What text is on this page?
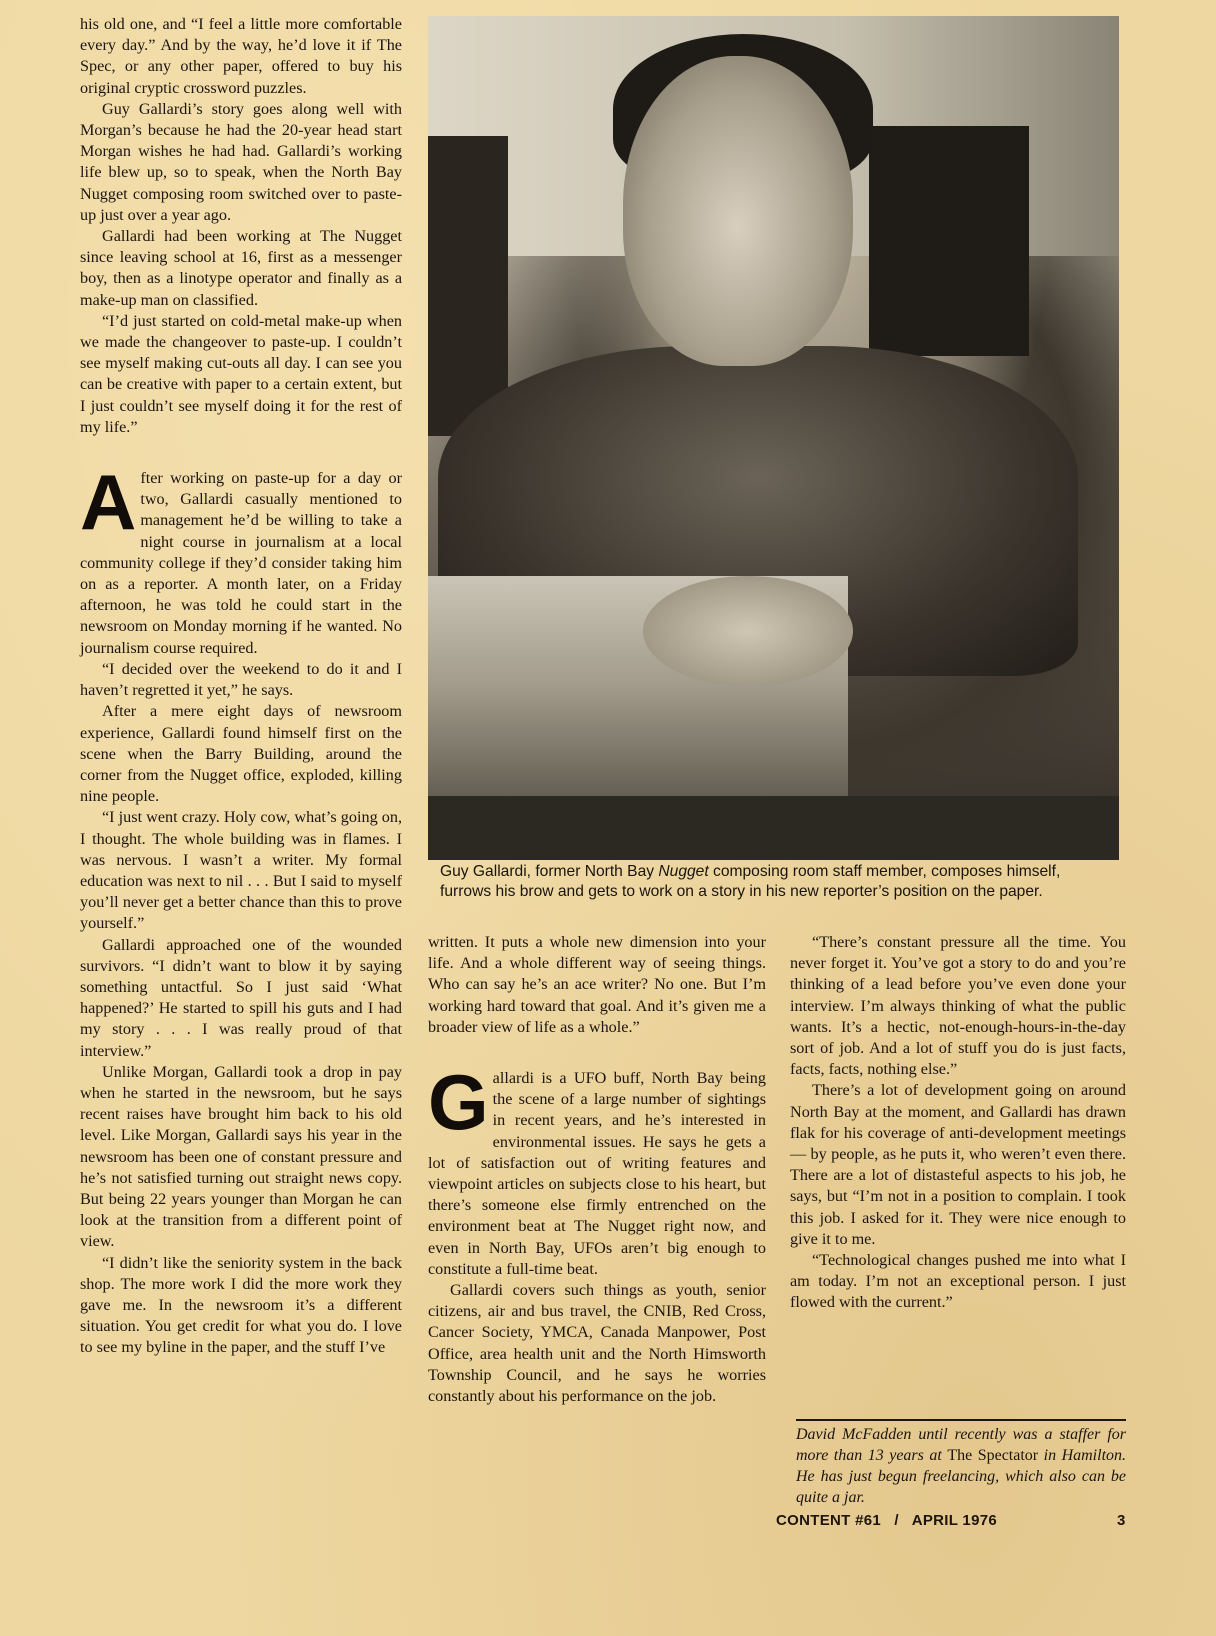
his old one, and “I feel a little more comfortable every day.” And by the way, he’d love it if The Spec, or any other paper, offered to buy his original cryptic crossword puzzles.

Guy Gallardi’s story goes along well with Morgan’s because he had the 20-year head start Morgan wishes he had had. Gallardi’s working life blew up, so to speak, when the North Bay Nugget composing room switched over to paste-up just over a year ago.

Gallardi had been working at The Nugget since leaving school at 16, first as a messenger boy, then as a linotype operator and finally as a make-up man on classified.

“I’d just started on cold-metal make-up when we made the changeover to paste-up. I couldn’t see myself making cut-outs all day. I can see you can be creative with paper to a certain extent, but I just couldn’t see myself doing it for the rest of my life.”

After working on paste-up for a day or two, Gallardi casually mentioned to management he’d be willing to take a night course in journalism at a local community college if they’d consider taking him on as a reporter. A month later, on a Friday afternoon, he was told he could start in the newsroom on Monday morning if he wanted. No journalism course required.

“I decided over the weekend to do it and I haven’t regretted it yet,” he says.

After a mere eight days of newsroom experience, Gallardi found himself first on the scene when the Barry Building, around the corner from the Nugget office, exploded, killing nine people.

“I just went crazy. Holy cow, what’s going on, I thought. The whole building was in flames. I was nervous. I wasn’t a writer. My formal education was next to nil . . . But I said to myself you’ll never get a better chance than this to prove yourself.”

Gallardi approached one of the wounded survivors. “I didn’t want to blow it by saying something untactful. So I just said ‘What happened?’ He started to spill his guts and I had my story . . . I was really proud of that interview.”

Unlike Morgan, Gallardi took a drop in pay when he started in the newsroom, but he says recent raises have brought him back to his old level. Like Morgan, Gallardi says his year in the newsroom has been one of constant pressure and he’s not satisfied turning out straight news copy. But being 22 years younger than Morgan he can look at the transition from a different point of view.

“I didn’t like the seniority system in the back shop. The more work I did the more work they gave me. In the newsroom it’s a different situation. You get credit for what you do. I love to see my byline in the paper, and the stuff I’ve

Guy Gallardi, former North Bay Nugget composing room staff member, composes himself, furrows his brow and gets to work on a story in his new reporter’s position on the paper.

written. It puts a whole new dimension into your life. And a whole different way of seeing things. Who can say he’s an ace writer? No one. But I’m working hard toward that goal. And it’s given me a broader view of life as a whole.”

Gallardi is a UFO buff, North Bay being the scene of a large number of sightings in recent years, and he’s interested in environmental issues. He says he gets a lot of satisfaction out of writing features and viewpoint articles on subjects close to his heart, but there’s someone else firmly entrenched on the environment beat at The Nugget right now, and even in North Bay, UFOs aren’t big enough to constitute a full-time beat.

Gallardi covers such things as youth, senior citizens, air and bus travel, the CNIB, Red Cross, Cancer Society, YMCA, Canada Manpower, Post Office, area health unit and the North Himsworth Township Council, and he says he worries constantly about his performance on the job.

“There’s constant pressure all the time. You never forget it. You’ve got a story to do and you’re thinking of a lead before you’ve even done your interview. I’m always thinking of what the public wants. It’s a hectic, not-enough-hours-in-the-day sort of job. And a lot of stuff you do is just facts, facts, facts, nothing else.”

There’s a lot of development going on around North Bay at the moment, and Gallardi has drawn flak for his coverage of anti-development meetings — by people, as he puts it, who weren’t even there. There are a lot of distasteful aspects to his job, he says, but “I’m not in a position to complain. I took this job. I asked for it. They were nice enough to give it to me.

“Technological changes pushed me into what I am today. I’m not an exceptional person. I just flowed with the current.”

David McFadden until recently was a staffer for more than 13 years at The Spectator in Hamilton. He has just begun freelancing, which also can be quite a jar.
CONTENT #61 / APRIL 1976	3
